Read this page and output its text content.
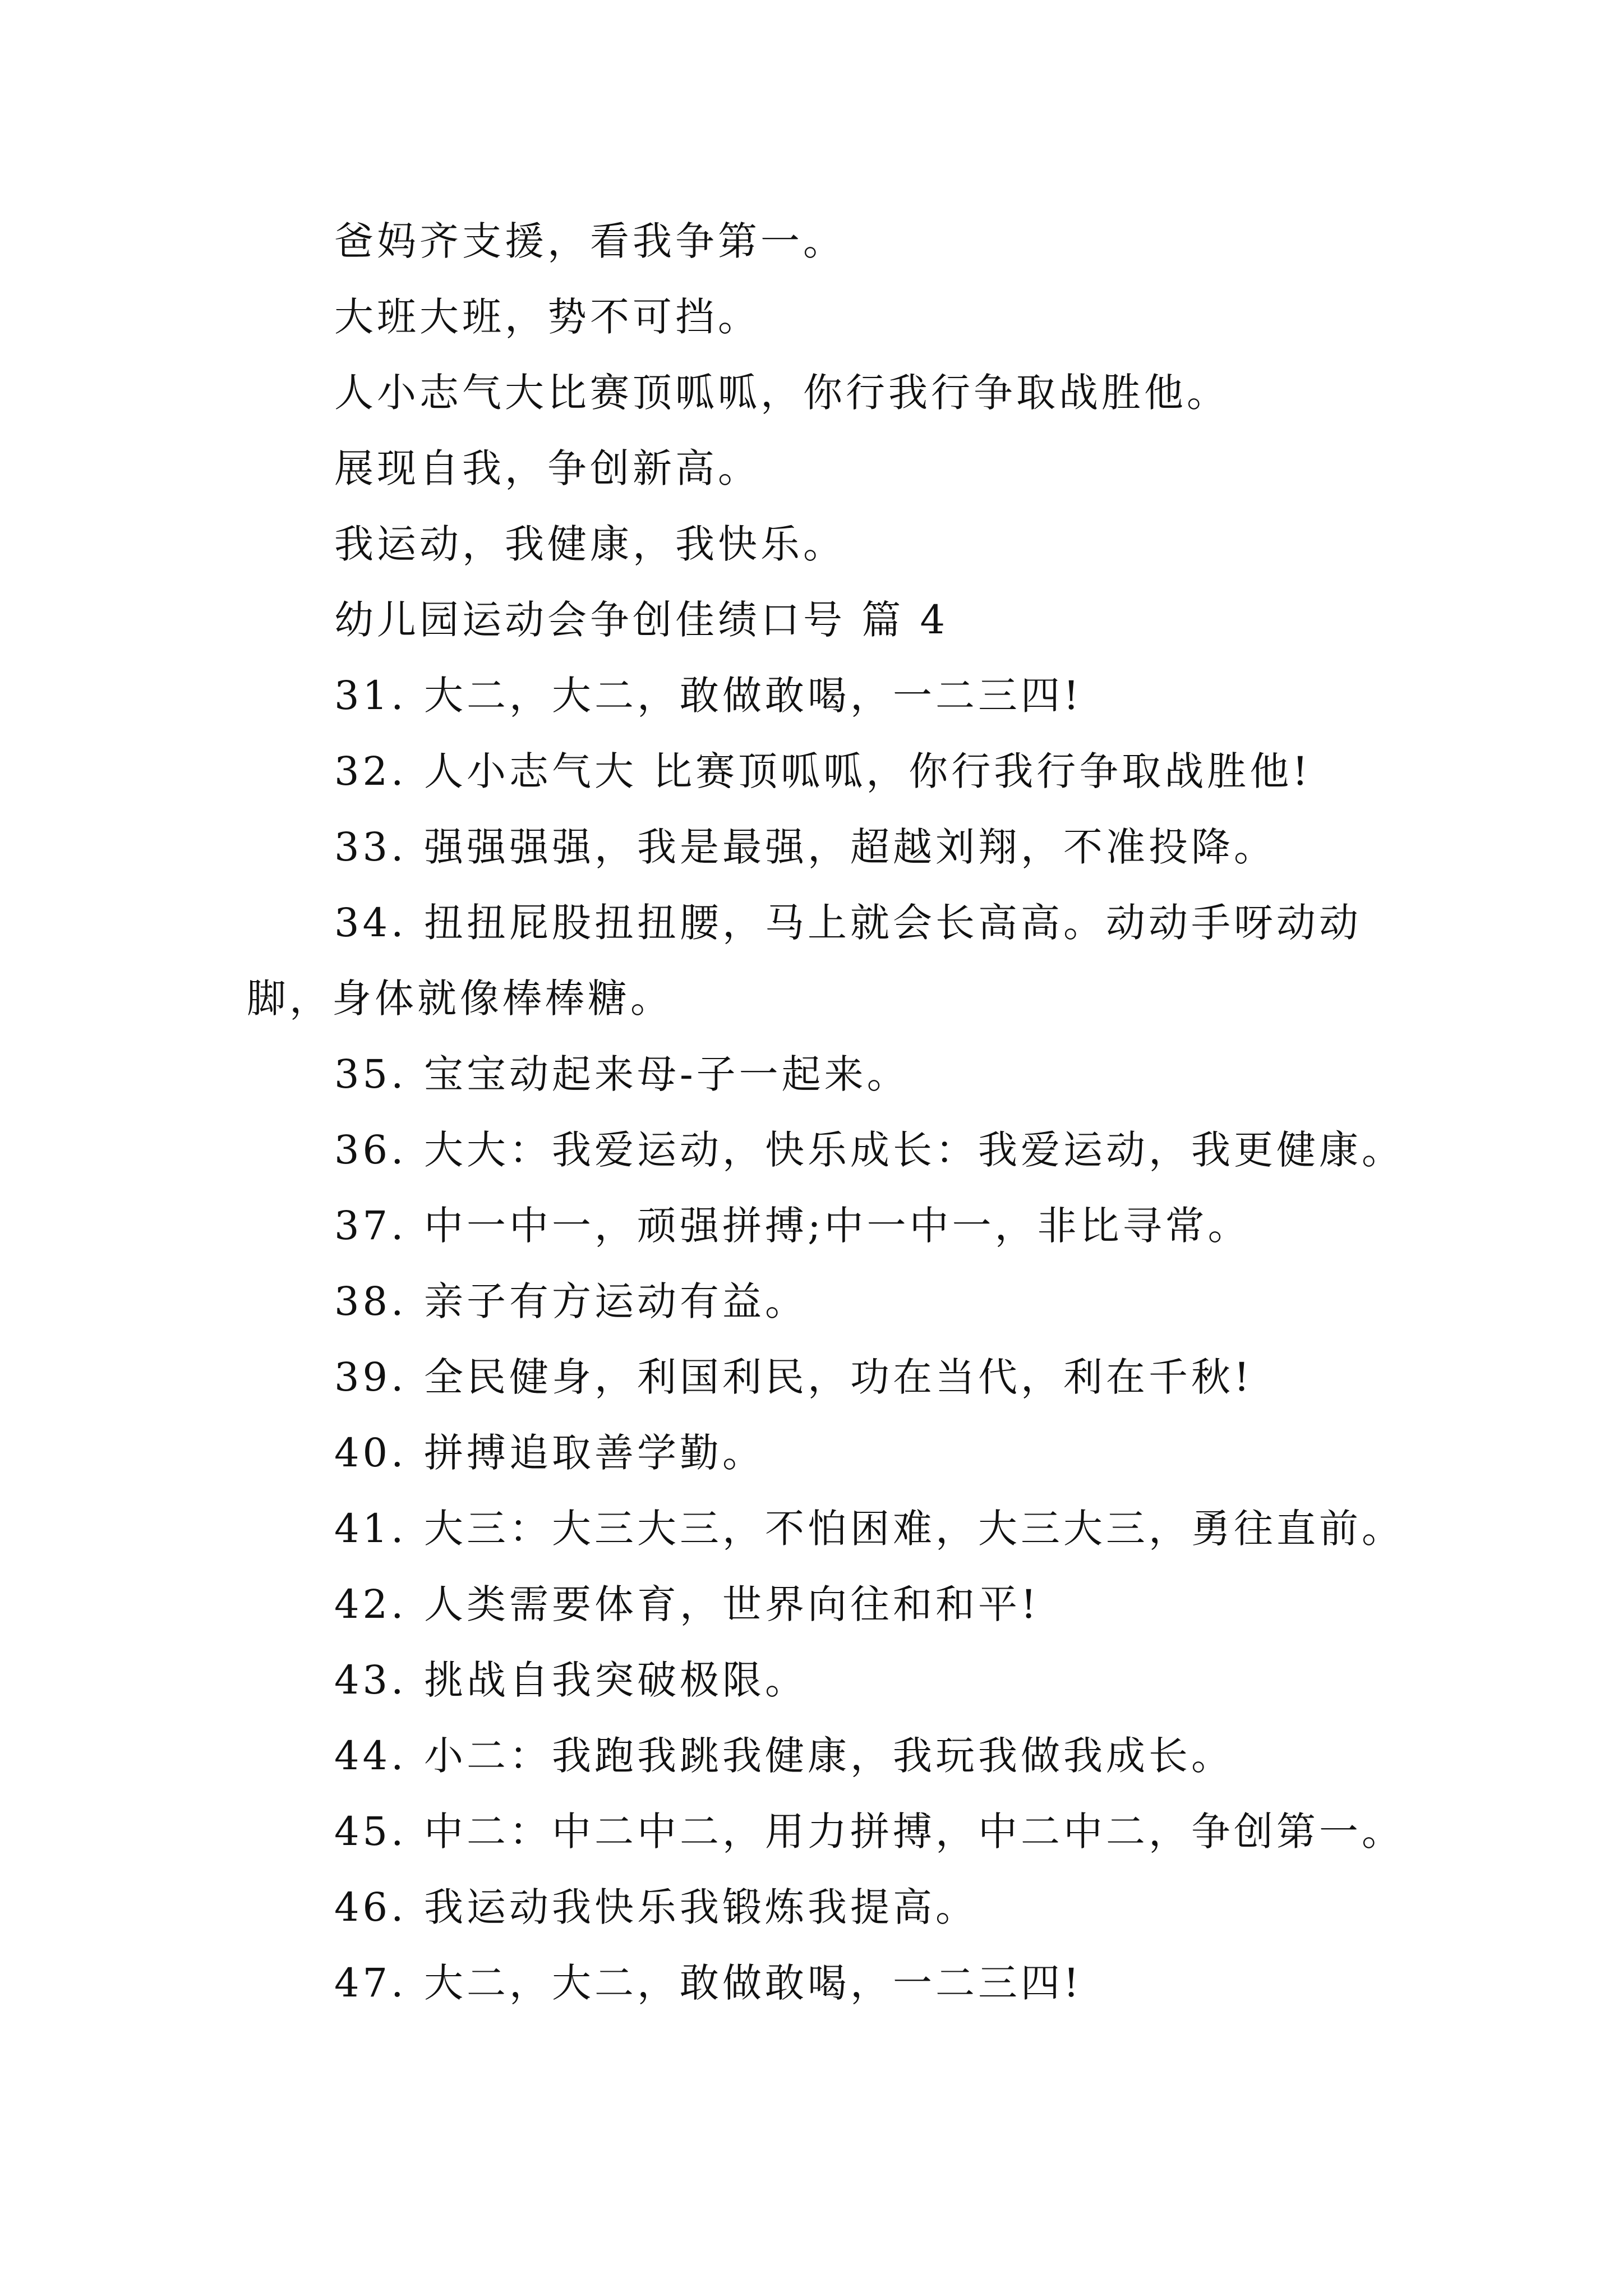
爸妈齐支援，看我争第一。
大班大班，势不可挡。
人小志气大比赛顶呱呱，你行我行争取战胜他。
展现自我，争创新高。
我运动，我健康，我快乐。
幼儿园运动会争创佳绩口号 篇 4
31. 大二，大二，敢做敢喝，一二三四!
32. 人小志气大 比赛顶呱呱，你行我行争取战胜他!
33. 强强强强，我是最强，超越刘翔，不准投降。
34. 扭扭屁股扭扭腰，马上就会长高高。动动手呀动动
脚，身体就像棒棒糖。
35. 宝宝动起来母-子一起来。
36. 大大：我爱运动，快乐成长：我爱运动，我更健康。
37. 中一中一，顽强拼搏;中一中一，非比寻常。
38. 亲子有方运动有益。
39. 全民健身，利国利民，功在当代，利在千秋!
40. 拼搏追取善学勤。
41. 大三：大三大三，不怕困难，大三大三，勇往直前。
42. 人类需要体育，世界向往和和平!
43. 挑战自我突破极限。
44. 小二：我跑我跳我健康，我玩我做我成长。
45. 中二：中二中二，用力拼搏，中二中二，争创第一。
46. 我运动我快乐我锻炼我提高。
47. 大二，大二，敢做敢喝，一二三四!
